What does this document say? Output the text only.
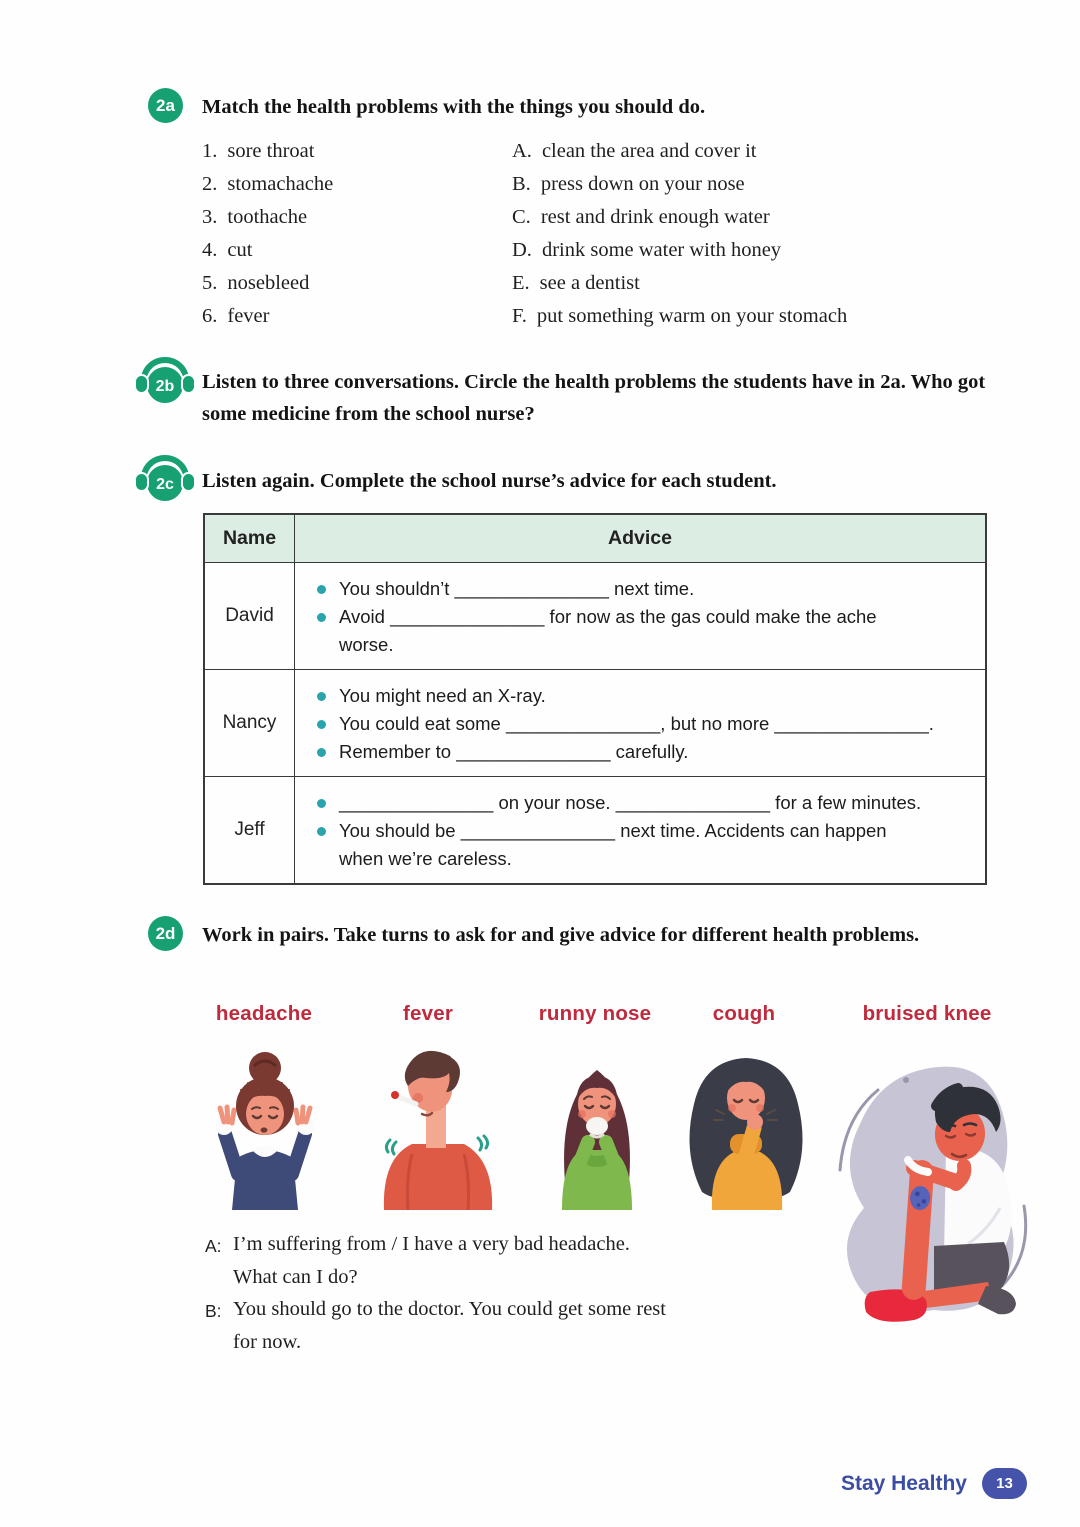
2a Match the health problems with the things you should do.
1. sore throat
2. stomachache
3. toothache
4. cut
5. nosebleed
6. fever
A. clean the area and cover it
B. press down on your nose
C. rest and drink enough water
D. drink some water with honey
E. see a dentist
F. put something warm on your stomach
2b Listen to three conversations. Circle the health problems the students have in 2a. Who got some medicine from the school nurse?
2c Listen again. Complete the school nurse’s advice for each student.
Name	Advice
David
You shouldn’t _______________ next time.
Avoid _______________ for now as the gas could make the ache worse.
Nancy
You might need an X-ray.
You could eat some _______________, but no more _______________.
Remember to _______________ carefully.
Jeff
_______________ on your nose. _______________ for a few minutes.
You should be _______________ next time. Accidents can happen when we’re careless.
2d Work in pairs. Take turns to ask for and give advice for different health problems.
headache	fever	runny nose	cough	bruised knee
A: I’m suffering from / I have a very bad headache.
What can I do?
B: You should go to the doctor. You could get some rest
for now.
Stay Healthy	13
